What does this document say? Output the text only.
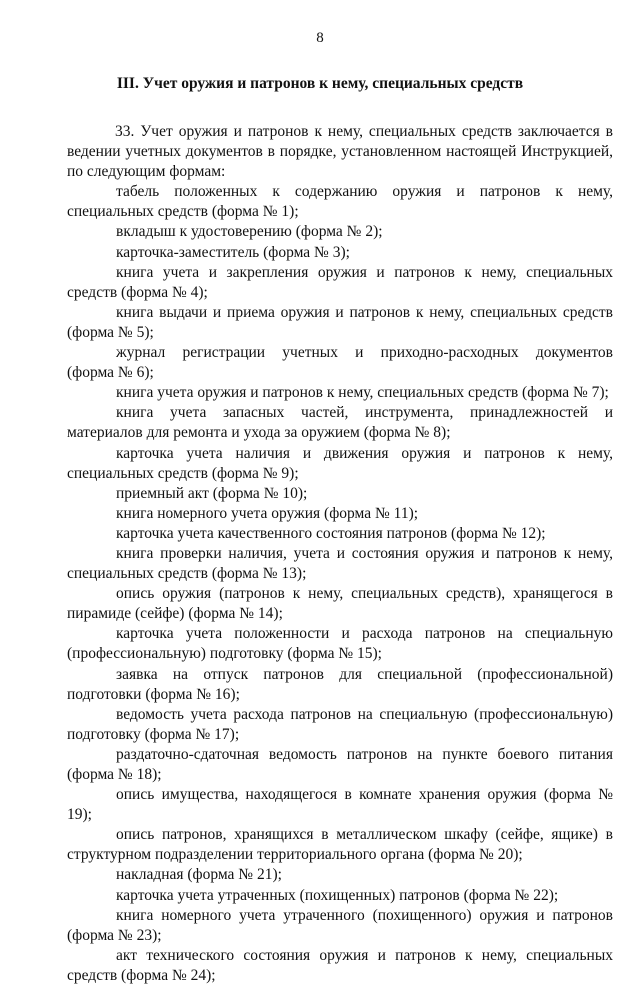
8
III. Учет оружия и патронов к нему, специальных средств

33. Учет оружия и патронов к нему, специальных средств заключается в ведении учетных документов в порядке, установленном настоящей Инструкцией, по следующим формам:

табель положенных к содержанию оружия и патронов к нему, специальных средств (форма № 1);

вкладыш к удостоверению (форма № 2);

карточка-заместитель (форма № 3);

книга учета и закрепления оружия и патронов к нему, специальных средств (форма № 4);

книга выдачи и приема оружия и патронов к нему, специальных средств (форма № 5);

журнал регистрации учетных и приходно-расходных документов

(форма № 6);

книга учета оружия и патронов к нему, специальных средств (форма № 7);

книга учета запасных частей, инструмента, принадлежностей и материалов для ремонта и ухода за оружием (форма № 8);

карточка учета наличия и движения оружия и патронов к нему, специальных средств (форма № 9);

приемный акт (форма № 10);

книга номерного учета оружия (форма № 11);

карточка учета качественного состояния патронов (форма № 12);

книга проверки наличия, учета и состояния оружия и патронов к нему, специальных средств (форма № 13);

опись оружия (патронов к нему, специальных средств), хранящегося в пирамиде (сейфе) (форма № 14);

карточка учета положенности и расхода патронов на специальную (профессиональную) подготовку (форма № 15);

заявка на отпуск патронов для специальной (профессиональной) подготовки (форма № 16);

ведомость учета расхода патронов на специальную (профессиональную) подготовку (форма № 17);

раздаточно-сдаточная ведомость патронов на пункте боевого питания (форма № 18);

опись имущества, находящегося в комнате хранения оружия (форма № 19);

опись патронов, хранящихся в металлическом шкафу (сейфе, ящике) в структурном подразделении территориального органа (форма № 20);

накладная (форма № 21);

карточка учета утраченных (похищенных) патронов (форма № 22);

книга номерного учета утраченного (похищенного) оружия и патронов (форма № 23);

акт технического состояния оружия и патронов к нему, специальных средств (форма № 24);
